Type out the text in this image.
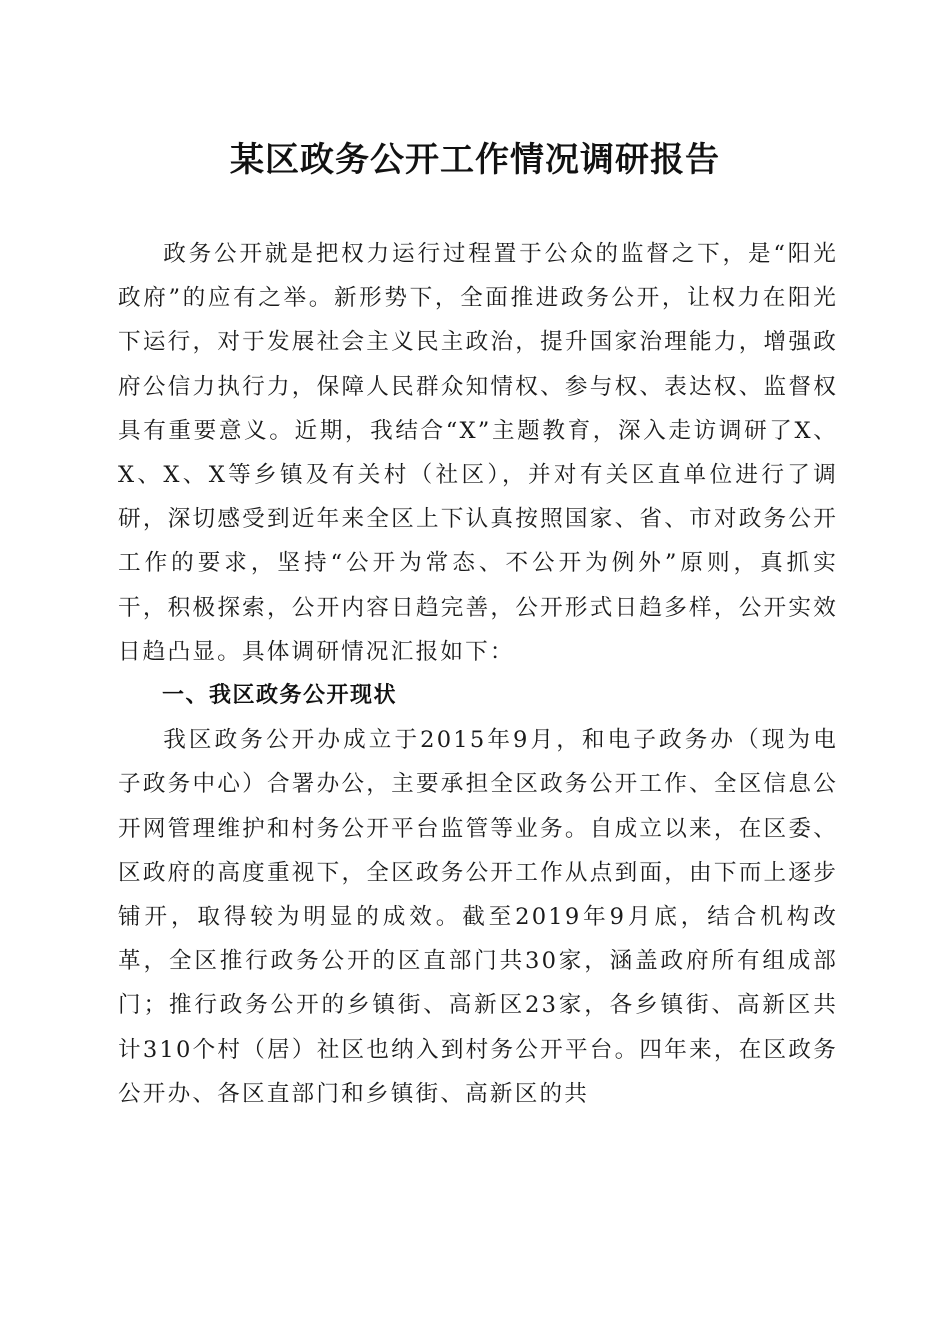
某区政务公开工作情况调研报告

政务公开就是把权力运行过程置于公众的监督之下，是“阳光政府”的应有之举。新形势下，全面推进政务公开，让权力在阳光下运行，对于发展社会主义民主政治，提升国家治理能力，增强政府公信力执行力，保障人民群众知情权、参与权、表达权、监督权具有重要意义。近期，我结合“X”主题教育，深入走访调研了X、X、X、X等乡镇及有关村（社区），并对有关区直单位进行了调研，深切感受到近年来全区上下认真按照国家、省、市对政务公开工作的要求，坚持“公开为常态、不公开为例外”原则，真抓实干，积极探索，公开内容日趋完善，公开形式日趋多样，公开实效日趋凸显。具体调研情况汇报如下：

一、我区政务公开现状

我区政务公开办成立于2015年9月，和电子政务办（现为电子政务中心）合署办公，主要承担全区政务公开工作、全区信息公开网管理维护和村务公开平台监管等业务。自成立以来，在区委、区政府的高度重视下，全区政务公开工作从点到面，由下而上逐步铺开，取得较为明显的成效。截至2019年9月底，结合机构改革，全区推行政务公开的区直部门共30家，涵盖政府所有组成部门；推行政务公开的乡镇街、高新区23家，各乡镇街、高新区共计310个村（居）社区也纳入到村务公开平台。四年来，在区政务公开办、各区直部门和乡镇街、高新区的共
